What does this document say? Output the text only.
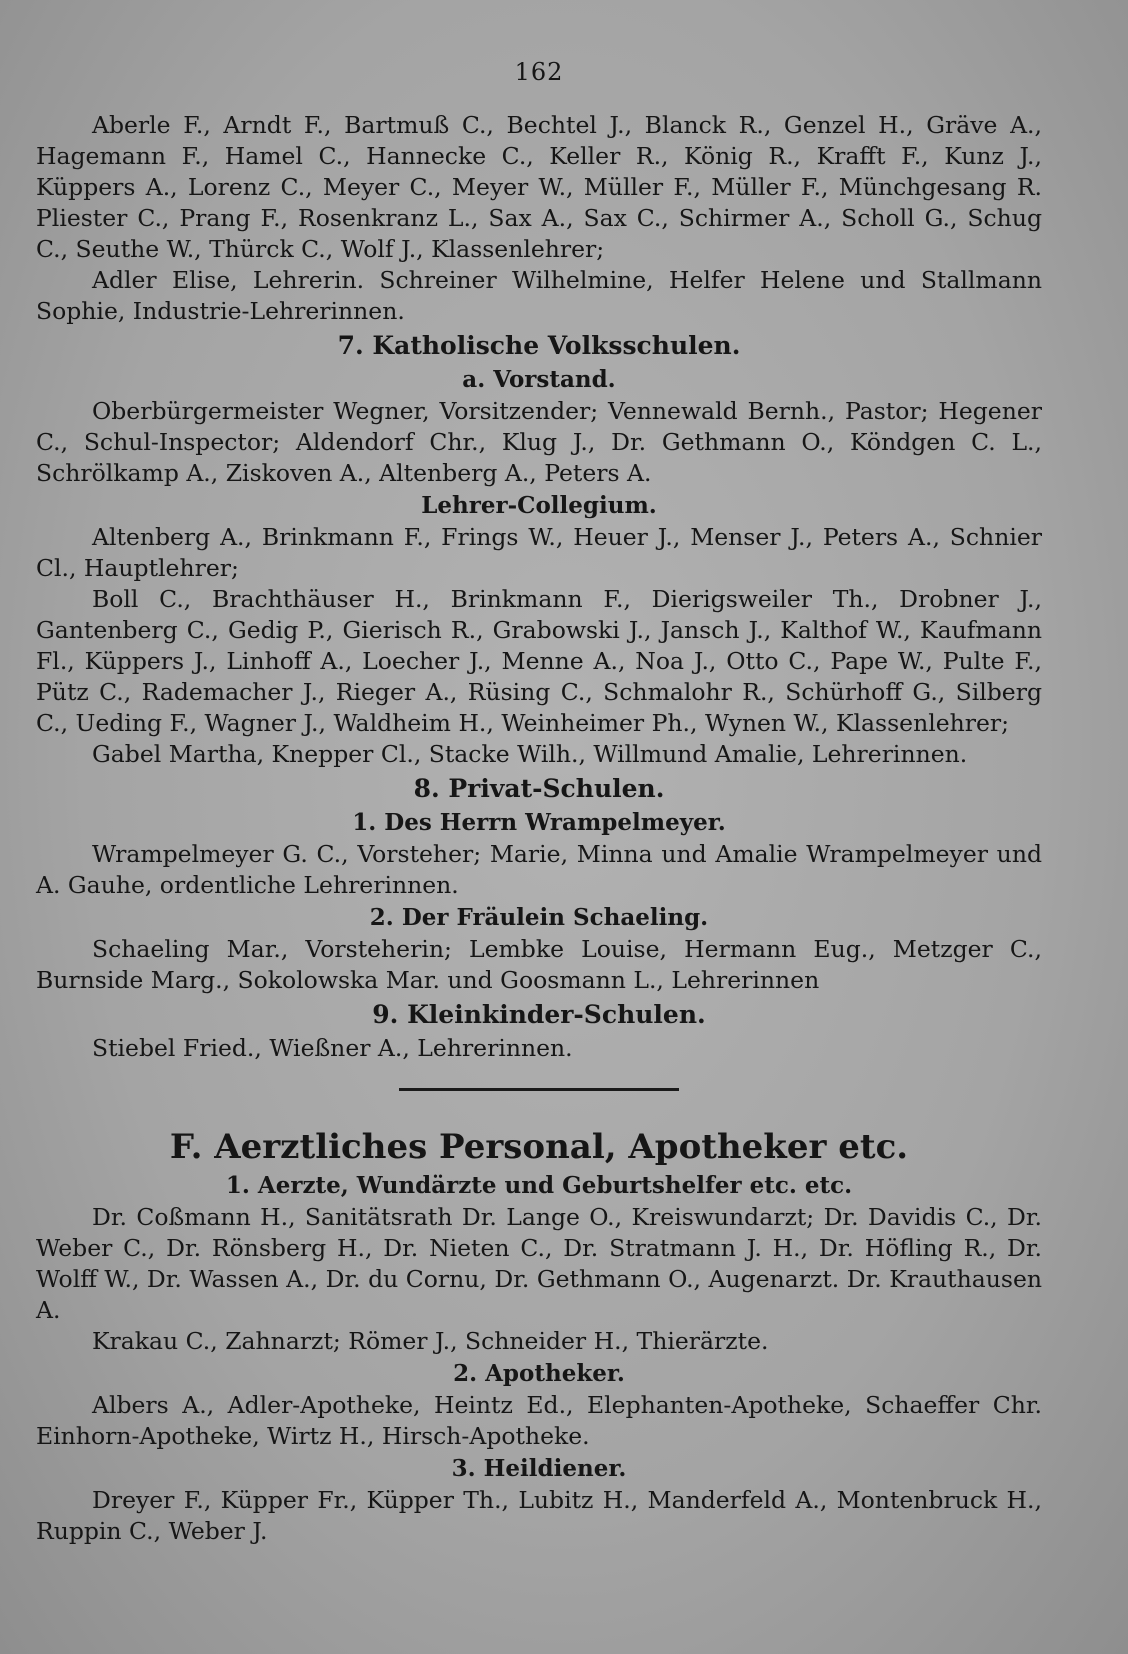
162

Aberle F., Arndt F., Bartmuß C., Bechtel J., Blanck R., Genzel H., Gräve A., Hagemann F., Hamel C., Hannecke C., Keller R., König R., Krafft F., Kunz J., Küppers A., Lorenz C., Meyer C., Meyer W., Müller F., Müller F., Münchgesang R. Pliester C., Prang F., Rosenkranz L., Sax A., Sax C., Schirmer A., Scholl G., Schug C., Seuthe W., Thürck C., Wolf J., Klassenlehrer;

Adler Elise, Lehrerin. Schreiner Wilhelmine, Helfer Helene und Stallmann Sophie, Industrie-Lehrerinnen.

7. Katholische Volksschulen.
a. Vorstand.

Oberbürgermeister Wegner, Vorsitzender; Vennewald Bernh., Pastor; Hegener C., Schul-Inspector; Aldendorf Chr., Klug J., Dr. Gethmann O., Köndgen C. L., Schrölkamp A., Ziskoven A., Altenberg A., Peters A.

Lehrer-Collegium.

Altenberg A., Brinkmann F., Frings W., Heuer J., Menser J., Peters A., Schnier Cl., Hauptlehrer;

Boll C., Brachthäuser H., Brinkmann F., Dierigsweiler Th., Drobner J., Gantenberg C., Gedig P., Gierisch R., Grabowski J., Jansch J., Kalthof W., Kaufmann Fl., Küppers J., Linhoff A., Loecher J., Menne A., Noa J., Otto C., Pape W., Pulte F., Pütz C., Rademacher J., Rieger A., Rüsing C., Schmalohr R., Schürhoff G., Silberg C., Ueding F., Wagner J., Waldheim H., Weinheimer Ph., Wynen W., Klassenlehrer;

Gabel Martha, Knepper Cl., Stacke Wilh., Willmund Amalie, Lehrerinnen.

8. Privat-Schulen.
1. Des Herrn Wrampelmeyer.

Wrampelmeyer G. C., Vorsteher; Marie, Minna und Amalie Wrampelmeyer und A. Gauhe, ordentliche Lehrerinnen.

2. Der Fräulein Schaeling.

Schaeling Mar., Vorsteherin; Lembke Louise, Hermann Eug., Metzger C., Burnside Marg., Sokolowska Mar. und Goosmann L., Lehrerinnen

9. Kleinkinder-Schulen.

Stiebel Fried., Wießner A., Lehrerinnen.

F. Aerztliches Personal, Apotheker etc.
1. Aerzte, Wundärzte und Geburtshelfer etc. etc.

Dr. Coßmann H., Sanitätsrath Dr. Lange O., Kreiswundarzt; Dr. Davidis C., Dr. Weber C., Dr. Rönsberg H., Dr. Nieten C., Dr. Stratmann J. H., Dr. Höfling R., Dr. Wolff W., Dr. Wassen A., Dr. du Cornu, Dr. Gethmann O., Augenarzt. Dr. Krauthausen A.

Krakau C., Zahnarzt; Römer J., Schneider H., Thierärzte.

2. Apotheker.

Albers A., Adler-Apotheke, Heintz Ed., Elephanten-Apotheke, Schaeffer Chr. Einhorn-Apotheke, Wirtz H., Hirsch-Apotheke.

3. Heildiener.

Dreyer F., Küpper Fr., Küpper Th., Lubitz H., Manderfeld A., Montenbruck H., Ruppin C., Weber J.
